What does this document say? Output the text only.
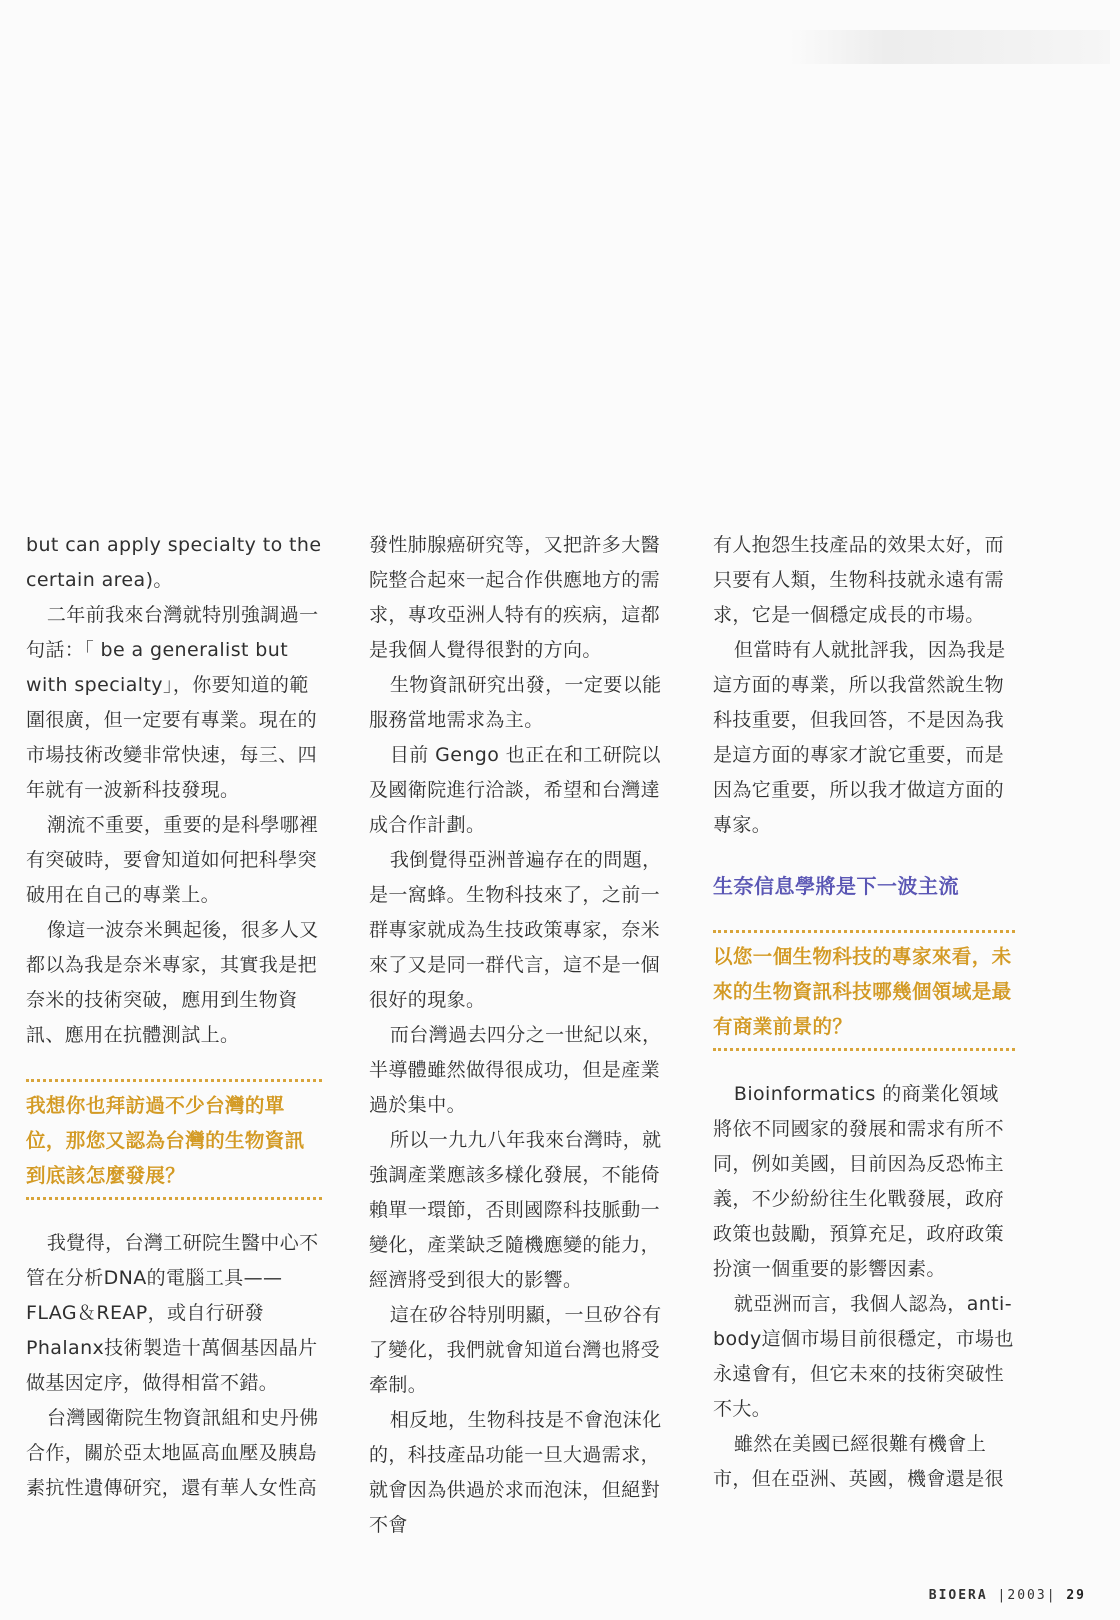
but can apply specialty to the certain area)。

二年前我來台灣就特別強調過一句話：「 be a generalist but with specialty」，你要知道的範圍很廣，但一定要有專業。現在的市場技術改變非常快速，每三、四年就有一波新科技發現。

潮流不重要，重要的是科學哪裡有突破時，要會知道如何把科學突破用在自己的專業上。

像這一波奈米興起後，很多人又都以為我是奈米專家，其實我是把奈米的技術突破，應用到生物資訊、應用在抗體測試上。

我想你也拜訪過不少台灣的單位，那您又認為台灣的生物資訊到底該怎麼發展？

我覺得，台灣工研院生醫中心不管在分析DNA的電腦工具——FLAG＆REAP，或自行研發Phalanx技術製造十萬個基因晶片做基因定序，做得相當不錯。

台灣國衛院生物資訊組和史丹佛合作，關於亞太地區高血壓及胰島素抗性遺傳研究，還有華人女性高

發性肺腺癌研究等，又把許多大醫院整合起來一起合作供應地方的需求，專攻亞洲人特有的疾病，這都是我個人覺得很對的方向。

生物資訊研究出發，一定要以能服務當地需求為主。

目前 Gengo 也正在和工研院以及國衛院進行洽談，希望和台灣達成合作計劃。

我倒覺得亞洲普遍存在的問題，是一窩蜂。生物科技來了，之前一群專家就成為生技政策專家，奈米來了又是同一群代言，這不是一個很好的現象。

而台灣過去四分之一世紀以來，半導體雖然做得很成功，但是產業過於集中。

所以一九九八年我來台灣時，就強調產業應該多樣化發展，不能倚賴單一環節，否則國際科技脈動一變化，產業缺乏隨機應變的能力，經濟將受到很大的影響。

這在矽谷特別明顯，一旦矽谷有了變化，我們就會知道台灣也將受牽制。

相反地，生物科技是不會泡沫化的，科技產品功能一旦大過需求，就會因為供過於求而泡沫，但絕對不會

有人抱怨生技產品的效果太好，而只要有人類，生物科技就永遠有需求，它是一個穩定成長的市場。

但當時有人就批評我，因為我是這方面的專業，所以我當然說生物科技重要，但我回答，不是因為我是這方面的專家才說它重要，而是因為它重要，所以我才做這方面的專家。

生奈信息學將是下一波主流
以您一個生物科技的專家來看，未來的生物資訊科技哪幾個領域是最有商業前景的？

Bioinformatics 的商業化領域將依不同國家的發展和需求有所不同，例如美國，目前因為反恐怖主義，不少紛紛往生化戰發展，政府政策也鼓勵，預算充足，政府政策扮演一個重要的影響因素。

就亞洲而言，我個人認為，anti-body這個市場目前很穩定，市場也永遠會有，但它未來的技術突破性不大。

雖然在美國已經很難有機會上市，但在亞洲、英國，機會還是很

BIOERA |2003| 29
